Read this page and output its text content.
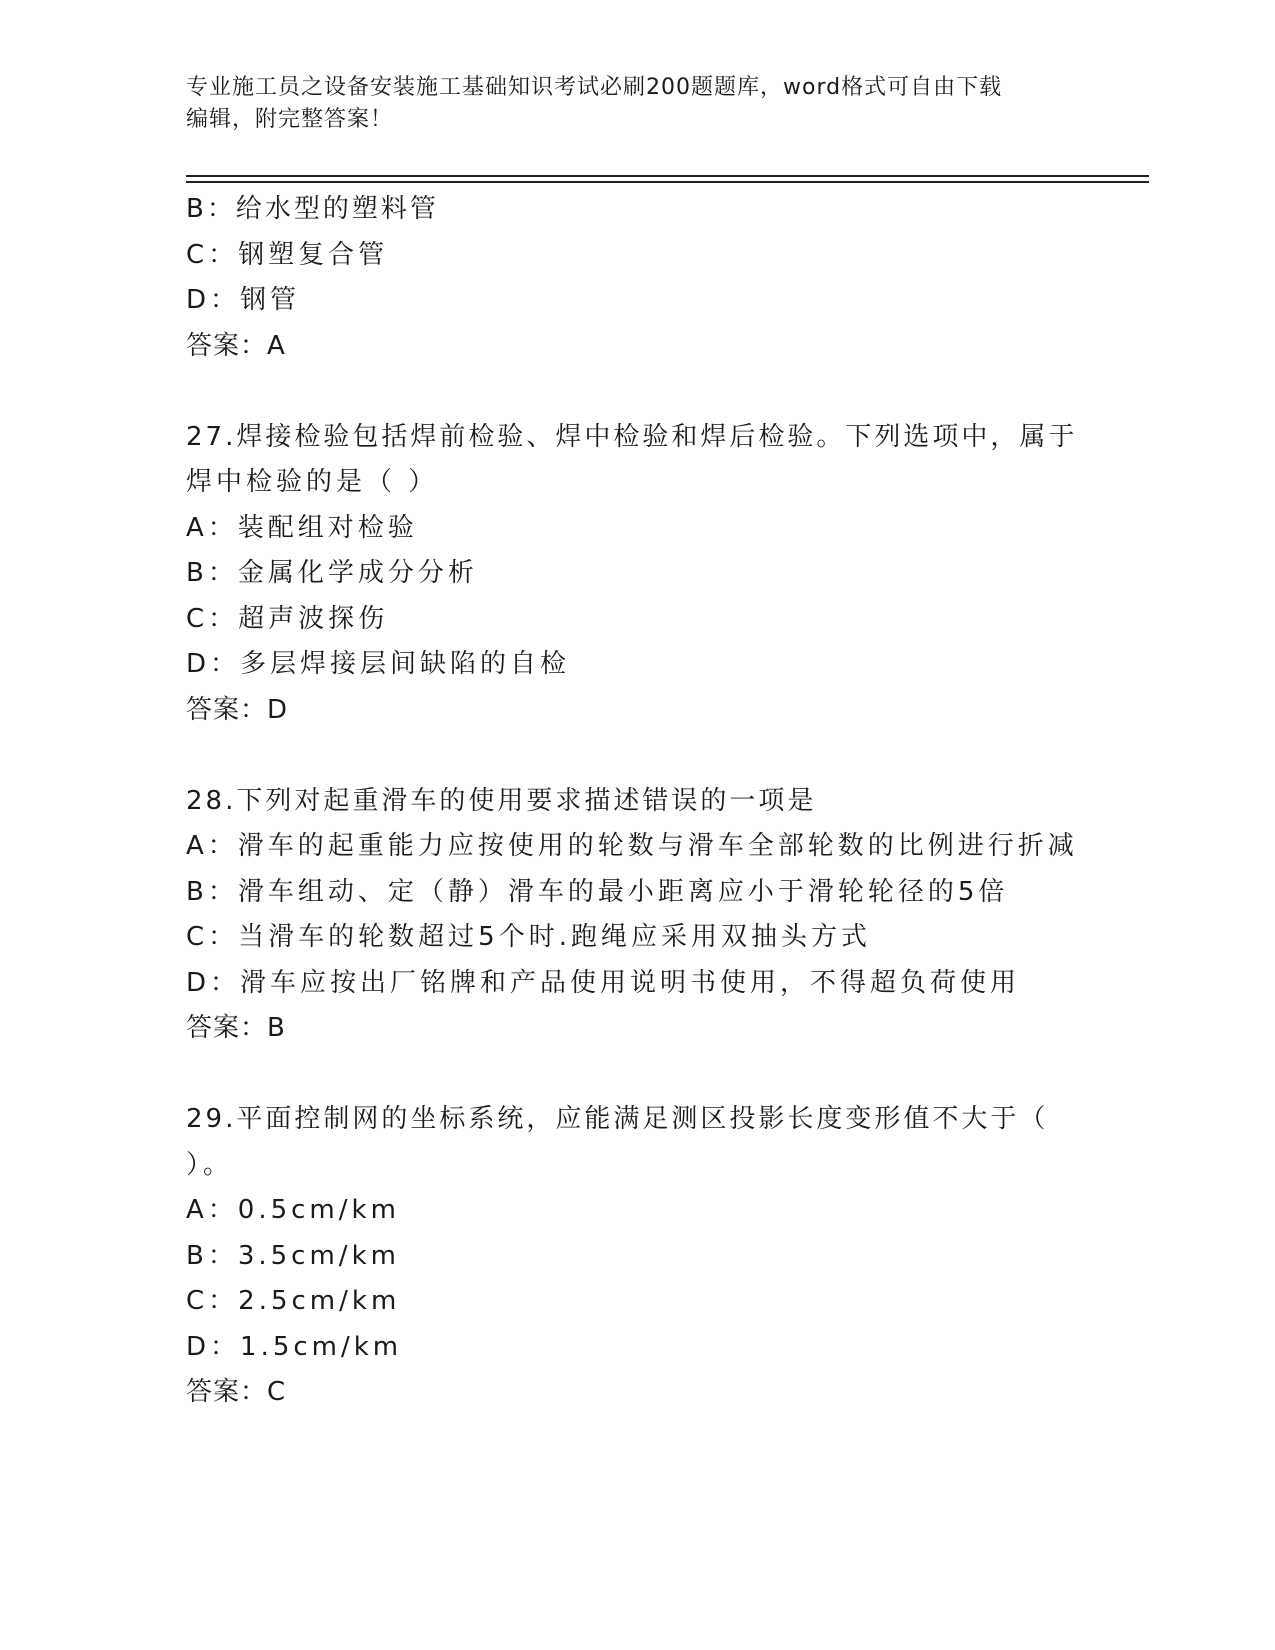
专业施工员之设备安装施工基础知识考试必刷200题题库，word格式可自由下载
编辑，附完整答案！
B：给水型的塑料管
C：钢塑复合管
D：钢管
答案：A
27.焊接检验包括焊前检验、焊中检验和焊后检验。下列选项中，属于
焊中检验的是（ ）
A：装配组对检验
B：金属化学成分分析
C：超声波探伤
D：多层焊接层间缺陷的自检
答案：D
28.下列对起重滑车的使用要求描述错误的一项是
A：滑车的起重能力应按使用的轮数与滑车全部轮数的比例进行折减
B：滑车组动、定（静）滑车的最小距离应小于滑轮轮径的5倍
C：当滑车的轮数超过5个时.跑绳应采用双抽头方式
D：滑车应按出厂铭牌和产品使用说明书使用，不得超负荷使用
答案：B
29.平面控制网的坐标系统，应能满足测区投影长度变形值不大于（
）。
A：0.5cm/km
B：3.5cm/km
C：2.5cm/km
D：1.5cm/km
答案：C
